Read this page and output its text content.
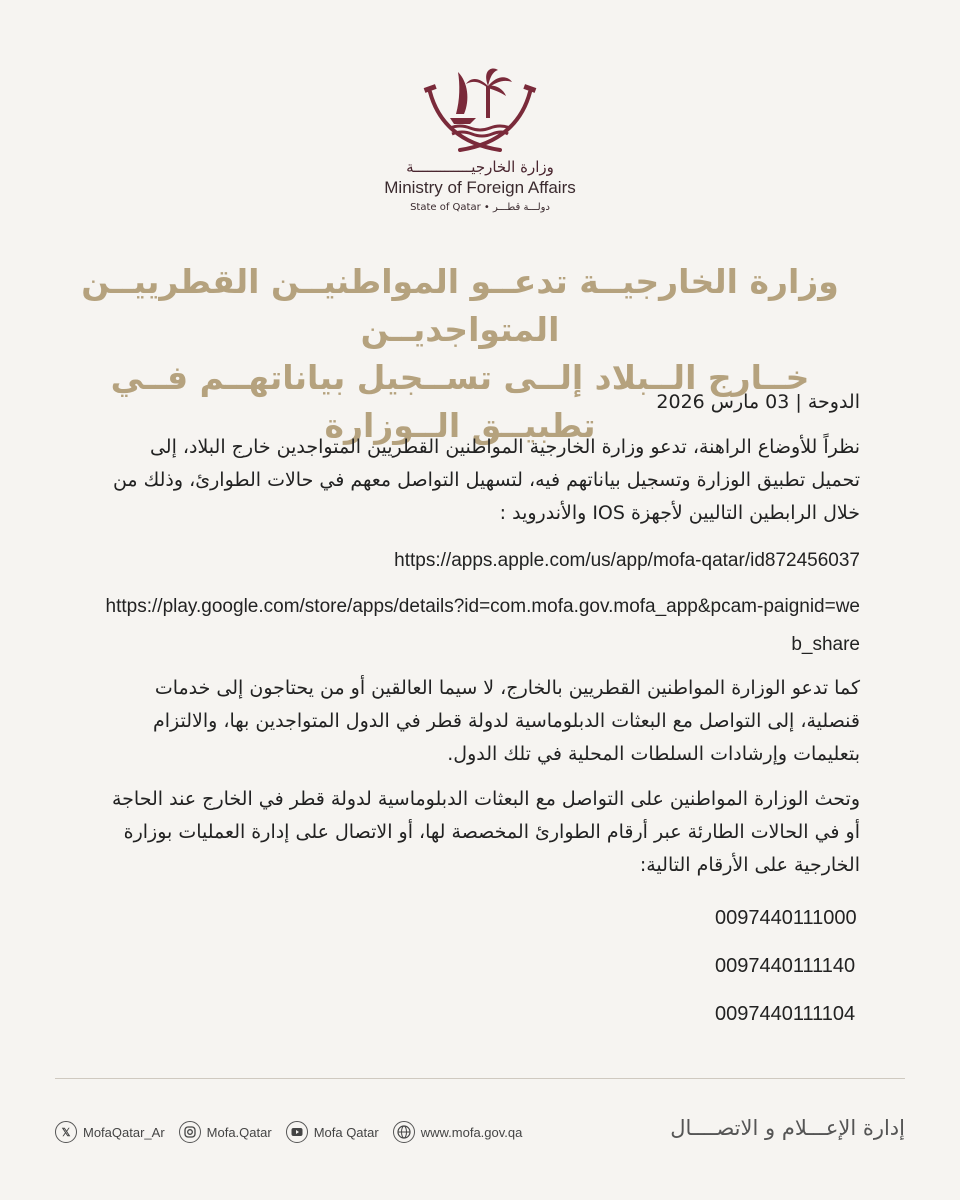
وزارة الخارجيـــــــــــــة
Ministry of Foreign Affairs
State of Qatar • دولـــة قطـــر
وزارة الخارجيــة تدعــو المواطنيــن القطرييــن المتواجديــن
خــارج الــبلاد إلــى تســجيل بياناتهــم فــي تطبيــق الــوزارة

الدوحة | 03 مارس 2026

نظراً للأوضاع الراهنة، تدعو وزارة الخارجية المواطنين القطريين المتواجدين خارج البلاد، إلى تحميل تطبيق الوزارة وتسجيل بياناتهم فيه، لتسهيل التواصل معهم في حالات الطوارئ، وذلك من خلال الرابطين التاليين لأجهزة IOS والأندرويد :

https://apps.apple.com/us/app/mofa-qatar/id872456037
https://play.google.com/store/apps/details?id=com.mofa.gov.mofa_app&pcam-paignid=web_share

كما تدعو الوزارة المواطنين القطريين بالخارج، لا سيما العالقين أو من يحتاجون إلى خدمات قنصلية، إلى التواصل مع البعثات الدبلوماسية لدولة قطر في الدول المتواجدين بها، والالتزام بتعليمات وإرشادات السلطات المحلية في تلك الدول.

وتحث الوزارة المواطنين على التواصل مع البعثات الدبلوماسية لدولة قطر في الخارج عند الحاجة أو في الحالات الطارئة عبر أرقام الطوارئ المخصصة لها، أو الاتصال على إدارة العمليات بوزارة الخارجية على الأرقام التالية:

0097440111000
0097440111140
0097440111104
𝕏 MofaQatar_Ar	Mofa.Qatar	Mofa Qatar	www.mofa.gov.qa	إدارة الإعـــلام و الاتصــــال
